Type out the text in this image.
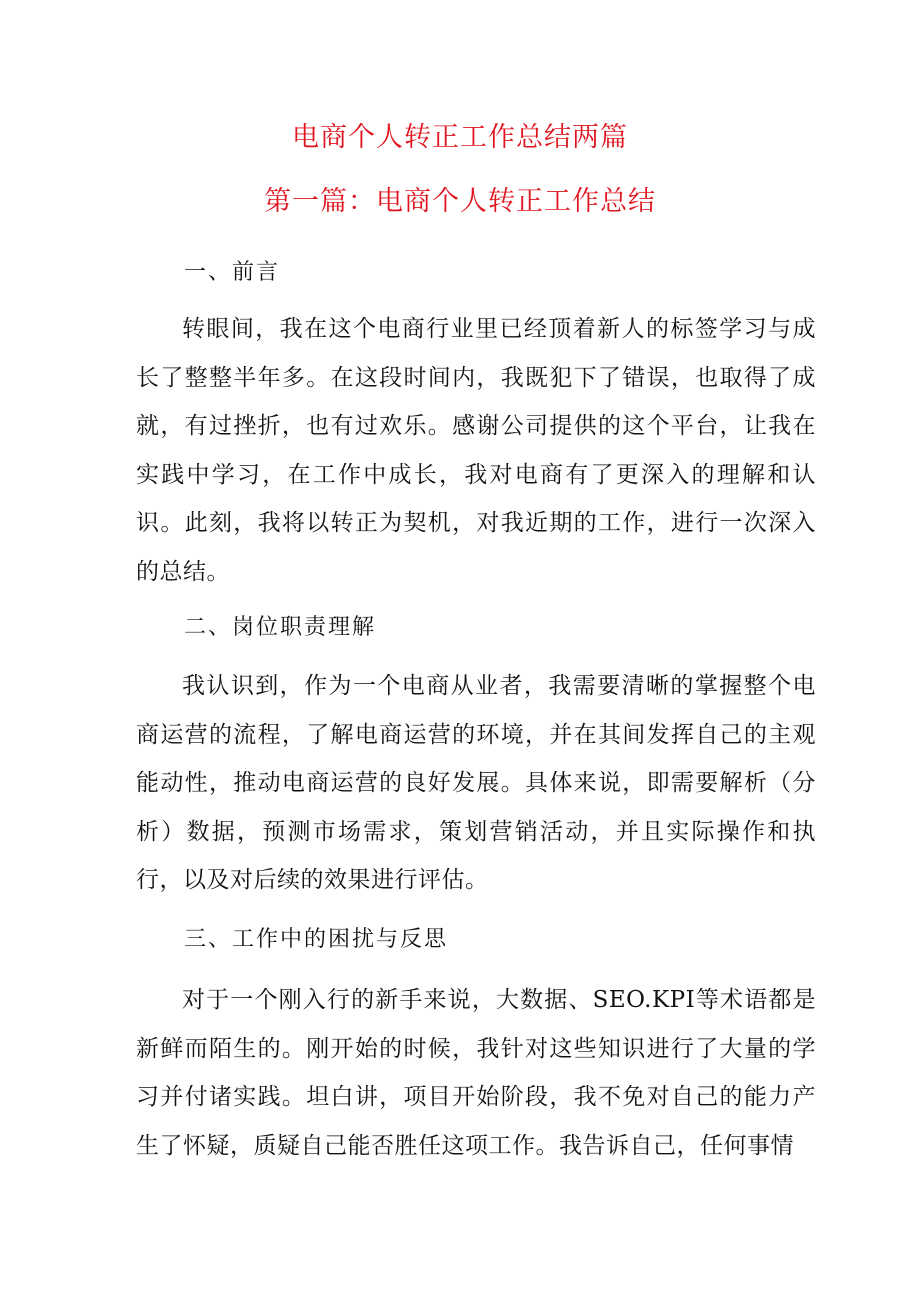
电商个人转正工作总结两篇
第一篇：电商个人转正工作总结
一、前言
转眼间，我在这个电商行业里已经顶着新人的标签学习与成长了整整半年多。在这段时间内，我既犯下了错误，也取得了成就，有过挫折，也有过欢乐。感谢公司提供的这个平台，让我在实践中学习，在工作中成长，我对电商有了更深入的理解和认识。此刻，我将以转正为契机，对我近期的工作，进行一次深入的总结。
二、岗位职责理解
我认识到，作为一个电商从业者，我需要清晰的掌握整个电商运营的流程，了解电商运营的环境，并在其间发挥自己的主观能动性，推动电商运营的良好发展。具体来说，即需要解析（分析）数据，预测市场需求，策划营销活动，并且实际操作和执行，以及对后续的效果进行评估。
三、工作中的困扰与反思
对于一个刚入行的新手来说，大数据、SEO.KPI等术语都是新鲜而陌生的。刚开始的时候，我针对这些知识进行了大量的学习并付诸实践。坦白讲，项目开始阶段，我不免对自己的能力产生了怀疑，质疑自己能否胜任这项工作。我告诉自己，任何事情
